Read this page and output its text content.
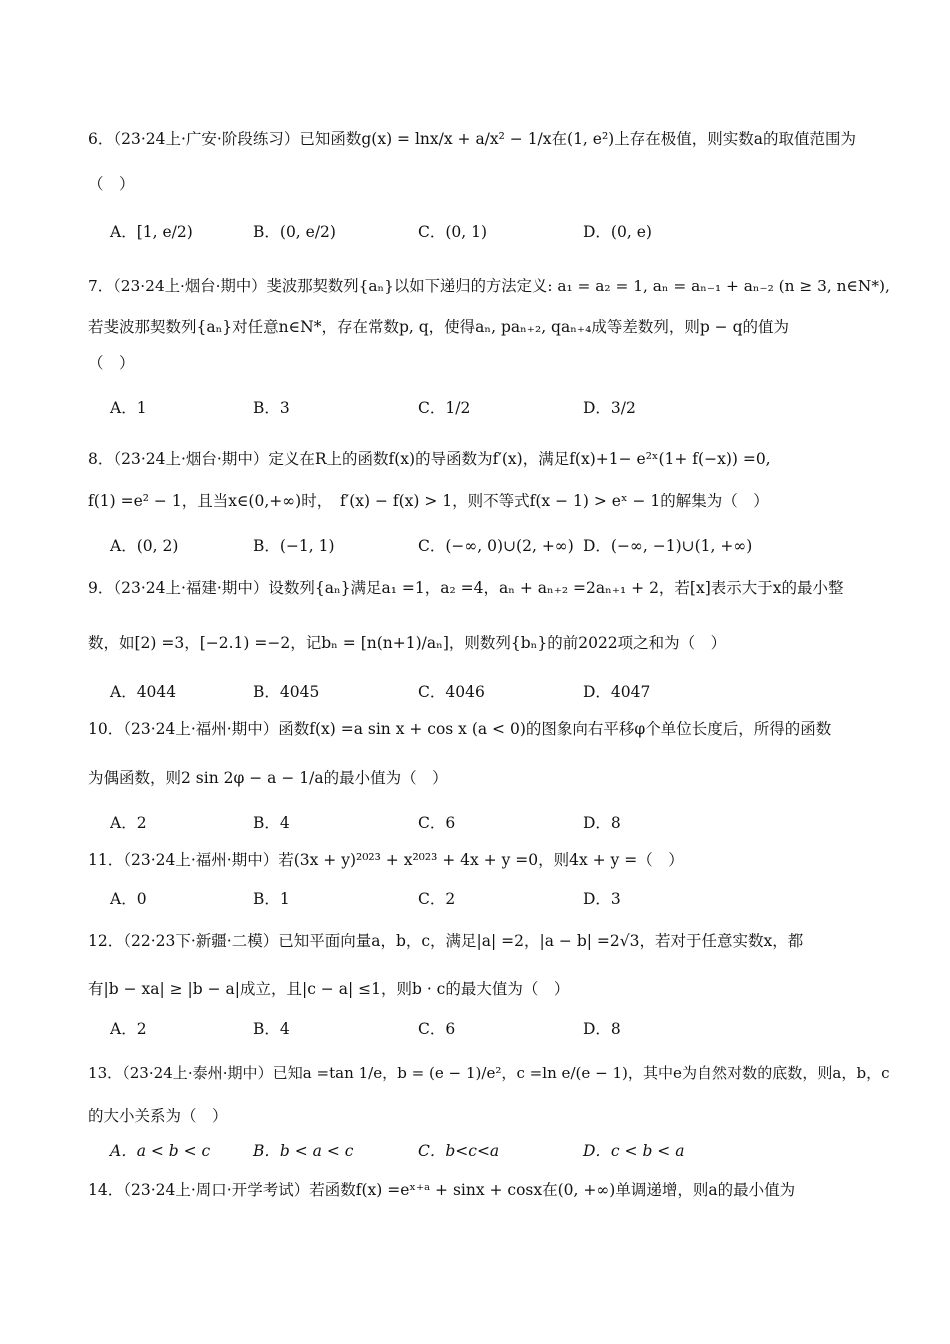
6．（23·24上·广安·阶段练习）已知函数g(x) = lnx/x + a/x² − 1/x在(1, e²)上存在极值，则实数a的取值范围为
（　）
A．[1, e/2)	B．(0, e/2)	C．(0, 1)	D．(0, e)
7．（23·24上·烟台·期中）斐波那契数列{aₙ}以如下递归的方法定义: a₁ = a₂ = 1, aₙ = aₙ₋₁ + aₙ₋₂ (n ≥ 3, n∈N*),
若斐波那契数列{aₙ}对任意n∈N*，存在常数p, q，使得aₙ, paₙ₊₂, qaₙ₊₄成等差数列，则p − q的值为
（　）
A．1	B．3	C．1/2	D．3/2
8．（23·24上·烟台·期中）定义在R上的函数f(x)的导函数为f′(x)，满足f(x)+1− e²ˣ(1+ f(−x)) =0,
f(1) =e² − 1，且当x∈(0,+∞)时，　f′(x) − f(x) > 1，则不等式f(x − 1) > eˣ − 1的解集为（　）
A．(0, 2)	B．(−1, 1)	C．(−∞, 0)∪(2, +∞) D．(−∞, −1)∪(1, +∞)
9．（23·24上·福建·期中）设数列{aₙ}满足a₁ =1，a₂ =4，aₙ + aₙ₊₂ =2aₙ₊₁ + 2，若[x]表示大于x的最小整
数，如[2) =3，[−2.1) =−2，记bₙ = [n(n+1)/aₙ]，则数列{bₙ}的前2022项之和为（　）
A．4044	B．4045	C．4046	D．4047
10．（23·24上·福州·期中）函数f(x) =a sin x + cos x (a < 0)的图象向右平移φ个单位长度后，所得的函数
为偶函数，则2 sin 2φ − a − 1/a的最小值为（　）
A．2	B．4	C．6	D．8
11．（23·24上·福州·期中）若(3x + y)²⁰²³ + x²⁰²³ + 4x + y =0，则4x + y =（　）
A．0	B．1	C．2	D．3
12．（22·23下·新疆·二模）已知平面向量a，b，c，满足|a| =2，|a − b| =2√3，若对于任意实数x，都
有|b − xa| ≥ |b − a|成立，且|c − a| ≤1，则b · c的最大值为（　）
A．2	B．4	C．6	D．8
13．（23·24上·泰州·期中）已知a =tan 1/e，b = (e − 1)/e²，c =ln e/(e − 1)，其中e为自然对数的底数，则a，b，c
的大小关系为（　）
A．a < b < c	B．b < a < c	C．b<c<a	D．c < b < a
14．（23·24上·周口·开学考试）若函数f(x) =eˣ⁺ᵃ + sinx + cosx在(0, +∞)单调递增，则a的最小值为
